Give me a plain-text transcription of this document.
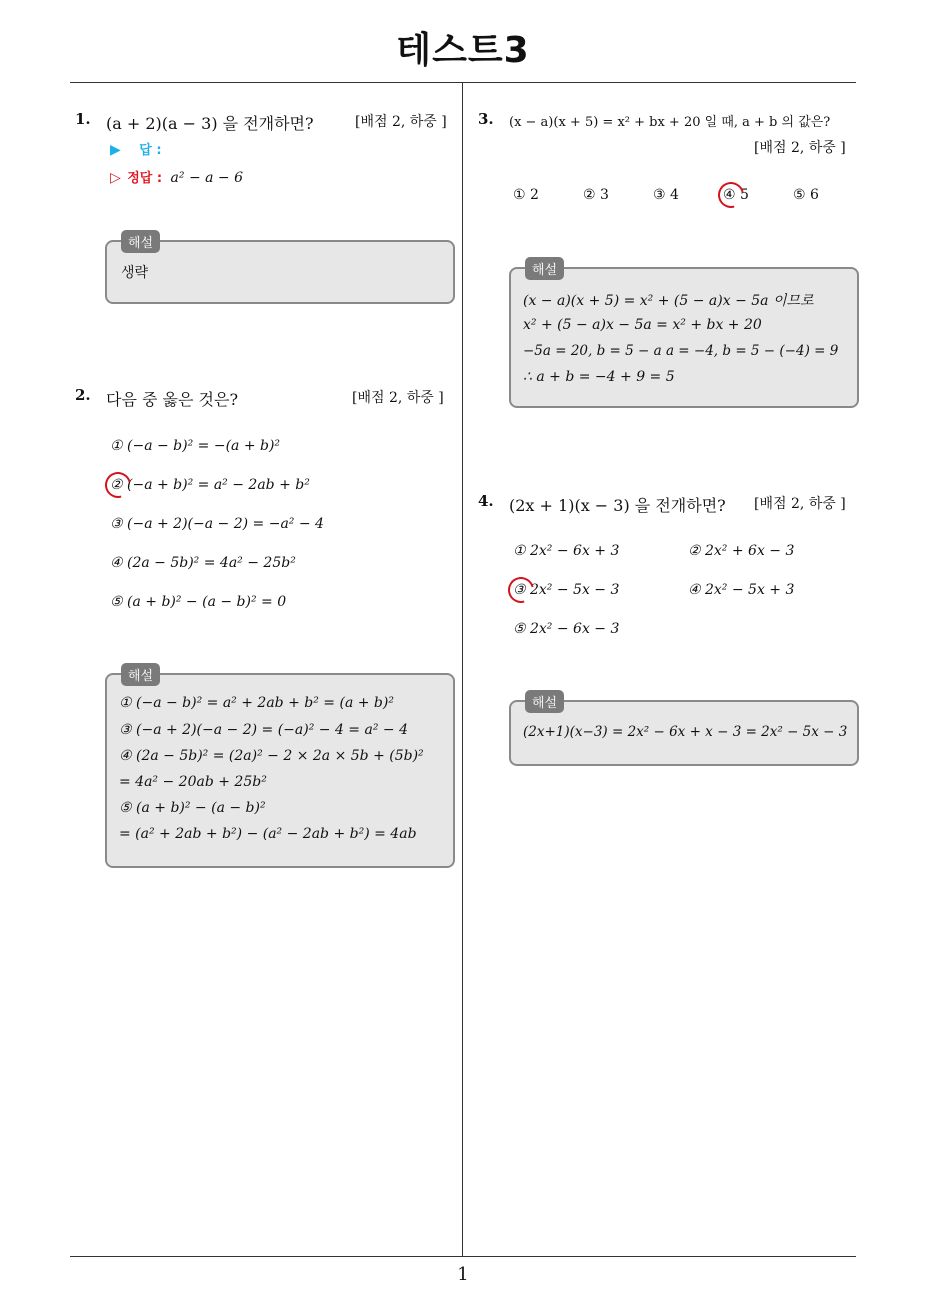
테스트3
1
1. (a + 2)(a − 3) 을 전개하면?	[배점 2, 하중 ]
▶ 답 :
▷ 정답 : a² − a − 6
해설
생략
2. 다음 중 옳은 것은?	[배점 2, 하중 ]
① (−a − b)² = −(a + b)²
② (−a + b)² = a² − 2ab + b²
③ (−a + 2)(−a − 2) = −a² − 4
④ (2a − 5b)² = 4a² − 25b²
⑤ (a + b)² − (a − b)² = 0
해설
① (−a − b)² = a² + 2ab + b² = (a + b)²
③ (−a + 2)(−a − 2) = (−a)² − 4 = a² − 4
④ (2a − 5b)² = (2a)² − 2 × 2a × 5b + (5b)²
= 4a² − 20ab + 25b²
⑤ (a + b)² − (a − b)²
= (a² + 2ab + b²) − (a² − 2ab + b²) = 4ab
3. (x − a)(x + 5) = x² + bx + 20 일 때, a + b 의 값은?
[배점 2, 하중 ]
① 2	② 3	③ 4	④ 5	⑤ 6
해설
(x − a)(x + 5) = x² + (5 − a)x − 5a 이므로
x² + (5 − a)x − 5a = x² + bx + 20
−5a = 20, b = 5 − a a = −4, b = 5 − (−4) = 9
∴ a + b = −4 + 9 = 5
4. (2x + 1)(x − 3) 을 전개하면? [배점 2, 하중 ]
① 2x² − 6x + 3	② 2x² + 6x − 3
③ 2x² − 5x − 3	④ 2x² − 5x + 3
⑤ 2x² − 6x − 3
해설
(2x+1)(x−3) = 2x² − 6x + x − 3 = 2x² − 5x − 3
